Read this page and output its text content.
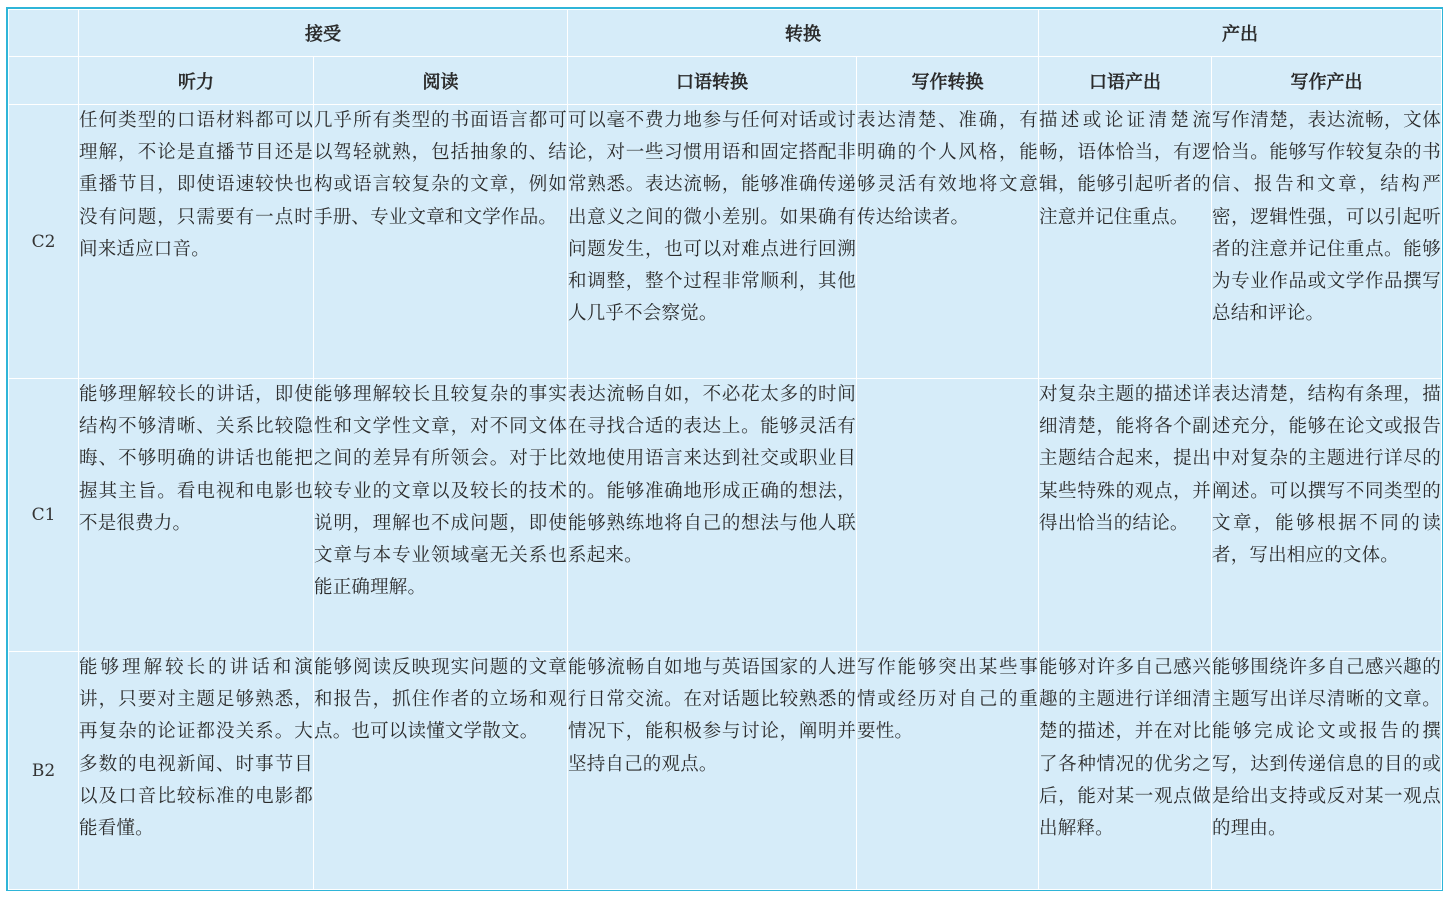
	接受		转换		产出	
	听力	阅读	口语转换	写作转换	口语产出	写作产出
C2	任何类型的口语材料都可以理解，不论是直播节目还是重播节目，即使语速较快也没有问题，只需要有一点时间来适应口音。	几乎所有类型的书面语言都可以驾轻就熟，包括抽象的、结构或语言较复杂的文章，例如手册、专业文章和文学作品。	可以毫不费力地参与任何对话或讨论，对一些习惯用语和固定搭配非常熟悉。表达流畅，能够准确传递出意义之间的微小差别。如果确有问题发生，也可以对难点进行回溯和调整，整个过程非常顺利，其他人几乎不会察觉。	表达清楚、准确，有明确的个人风格，能够灵活有效地将文意传达给读者。	描述或论证清楚流畅，语体恰当，有逻辑，能够引起听者的注意并记住重点。	写作清楚，表达流畅，文体恰当。能够写作较复杂的书信、报告和文章，结构严密，逻辑性强，可以引起听者的注意并记住重点。能够为专业作品或文学作品撰写总结和评论。
C1	能够理解较长的讲话，即使结构不够清晰、关系比较隐晦、不够明确的讲话也能把握其主旨。看电视和电影也不是很费力。	能够理解较长且较复杂的事实性和文学性文章，对不同文体之间的差异有所领会。对于比较专业的文章以及较长的技术说明，理解也不成问题，即使文章与本专业领域毫无关系也能正确理解。	表达流畅自如，不必花太多的时间在寻找合适的表达上。能够灵活有效地使用语言来达到社交或职业目的。能够准确地形成正确的想法，能够熟练地将自己的想法与他人联系起来。		对复杂主题的描述详细清楚，能将各个副主题结合起来，提出某些特殊的观点，并得出恰当的结论。	表达清楚，结构有条理，描述充分，能够在论文或报告中对复杂的主题进行详尽的阐述。可以撰写不同类型的文章，能够根据不同的读者，写出相应的文体。
B2	能够理解较长的讲话和演讲，只要对主题足够熟悉，再复杂的论证都没关系。大多数的电视新闻、时事节目以及口音比较标准的电影都能看懂。	能够阅读反映现实问题的文章和报告，抓住作者的立场和观点。也可以读懂文学散文。	能够流畅自如地与英语国家的人进行日常交流。在对话题比较熟悉的情况下，能积极参与讨论，阐明并坚持自己的观点。	写作能够突出某些事情或经历对自己的重要性。	能够对许多自己感兴趣的主题进行详细清楚的描述，并在对比了各种情况的优劣之后，能对某一观点做出解释。	能够围绕许多自己感兴趣的主题写出详尽清晰的文章。能够完成论文或报告的撰写，达到传递信息的目的或是给出支持或反对某一观点的理由。
